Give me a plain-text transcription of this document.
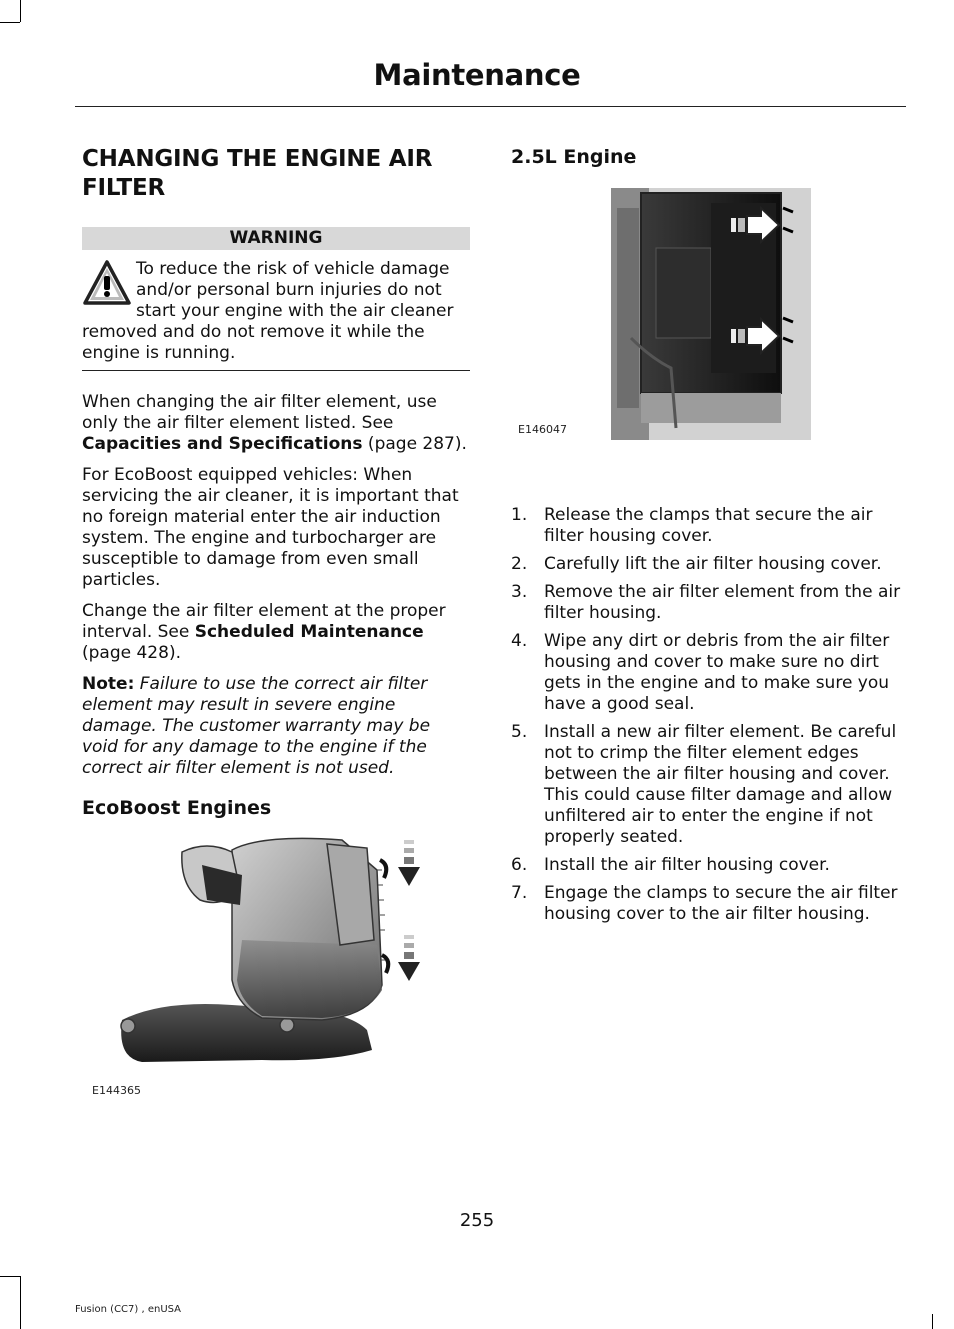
Maintenance
CHANGING THE ENGINE AIR FILTER
WARNING
To reduce the risk of vehicle damage and/or personal burn injuries do not start your engine with the air cleaner removed and do not remove it while the engine is running.

When changing the air filter element, use only the air filter element listed. See Capacities and Specifications (page 287).

For EcoBoost equipped vehicles: When servicing the air cleaner, it is important that no foreign material enter the air induction system. The engine and turbocharger are susceptible to damage from even small particles.

Change the air filter element at the proper interval. See Scheduled Maintenance (page 428).

Note: Failure to use the correct air filter element may result in severe engine damage. The customer warranty may be void for any damage to the engine if the correct air filter element is not used.

EcoBoost Engines
E144365
2.5L Engine
E146047
1. Release the clamps that secure the air filter housing cover.
2. Carefully lift the air filter housing cover.
3. Remove the air filter element from the air filter housing.
4. Wipe any dirt or debris from the air filter housing and cover to make sure no dirt gets in the engine and to make sure you have a good seal.
5. Install a new air filter element. Be careful not to crimp the filter element edges between the air filter housing and cover. This could cause filter damage and allow unfiltered air to enter the engine if not properly seated.
6. Install the air filter housing cover.
7. Engage the clamps to secure the air filter housing cover to the air filter housing.
255
Fusion (CC7) , enUSA
